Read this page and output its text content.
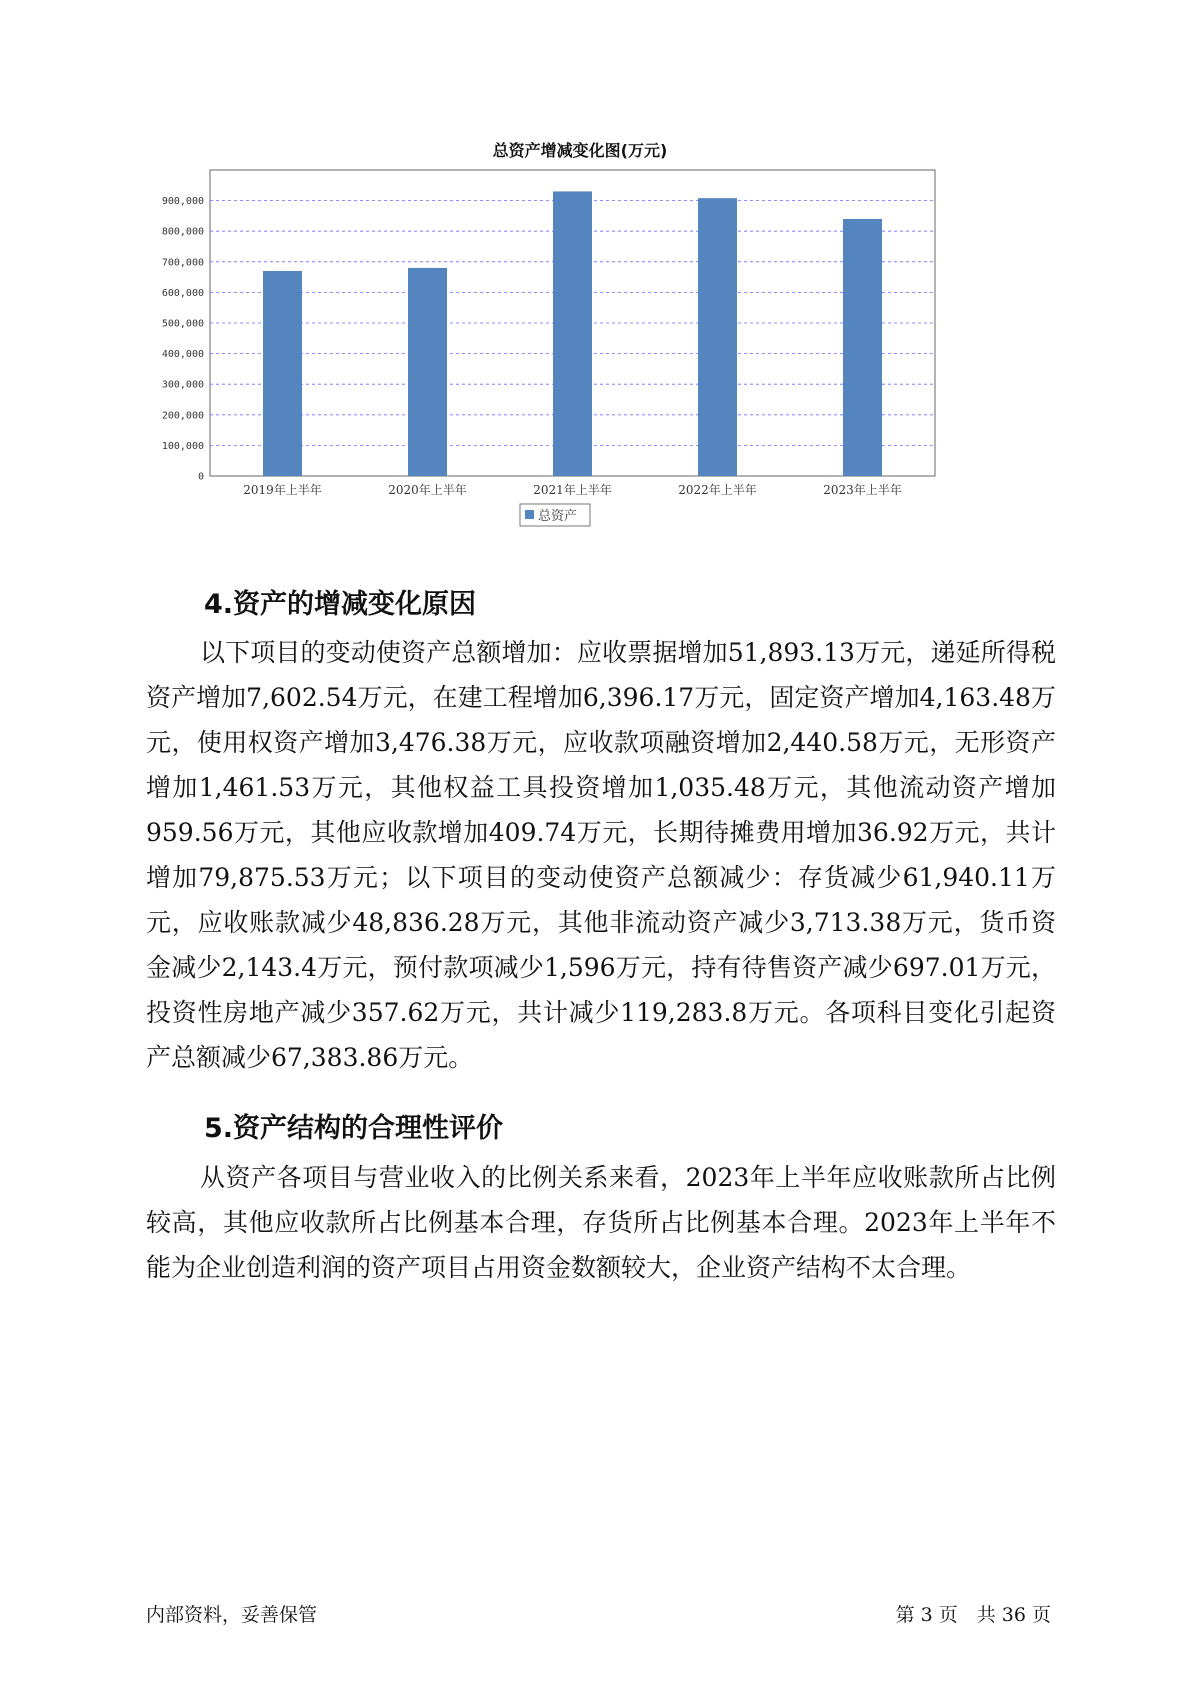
总资产增减变化图(万元)
0
100,000
200,000
300,000
400,000
500,000
600,000
700,000
800,000
900,000
2019年上半年	2020年上半年	2021年上半年	2022年上半年	2023年上半年
总资产
4.资产的增减变化原因

以下项目的变动使资产总额增加：应收票据增加51,893.13万元，递延所得税资产增加7,602.54万元，在建工程增加6,396.17万元，固定资产增加4,163.48万元，使用权资产增加3,476.38万元，应收款项融资增加2,440.58万元，无形资产增加1,461.53万元，其他权益工具投资增加1,035.48万元，其他流动资产增加959.56万元，其他应收款增加409.74万元，长期待摊费用增加36.92万元，共计增加79,875.53万元；以下项目的变动使资产总额减少：存货减少61,940.11万元，应收账款减少48,836.28万元，其他非流动资产减少3,713.38万元，货币资金减少2,143.4万元，预付款项减少1,596万元，持有待售资产减少697.01万元，投资性房地产减少357.62万元，共计减少119,283.8万元。各项科目变化引起资产总额减少67,383.86万元。

5.资产结构的合理性评价

从资产各项目与营业收入的比例关系来看，2023年上半年应收账款所占比例较高，其他应收款所占比例基本合理，存货所占比例基本合理。2023年上半年不能为企业创造利润的资产项目占用资金数额较大，企业资产结构不太合理。

内部资料，妥善保管	第 3 页　共 36 页
